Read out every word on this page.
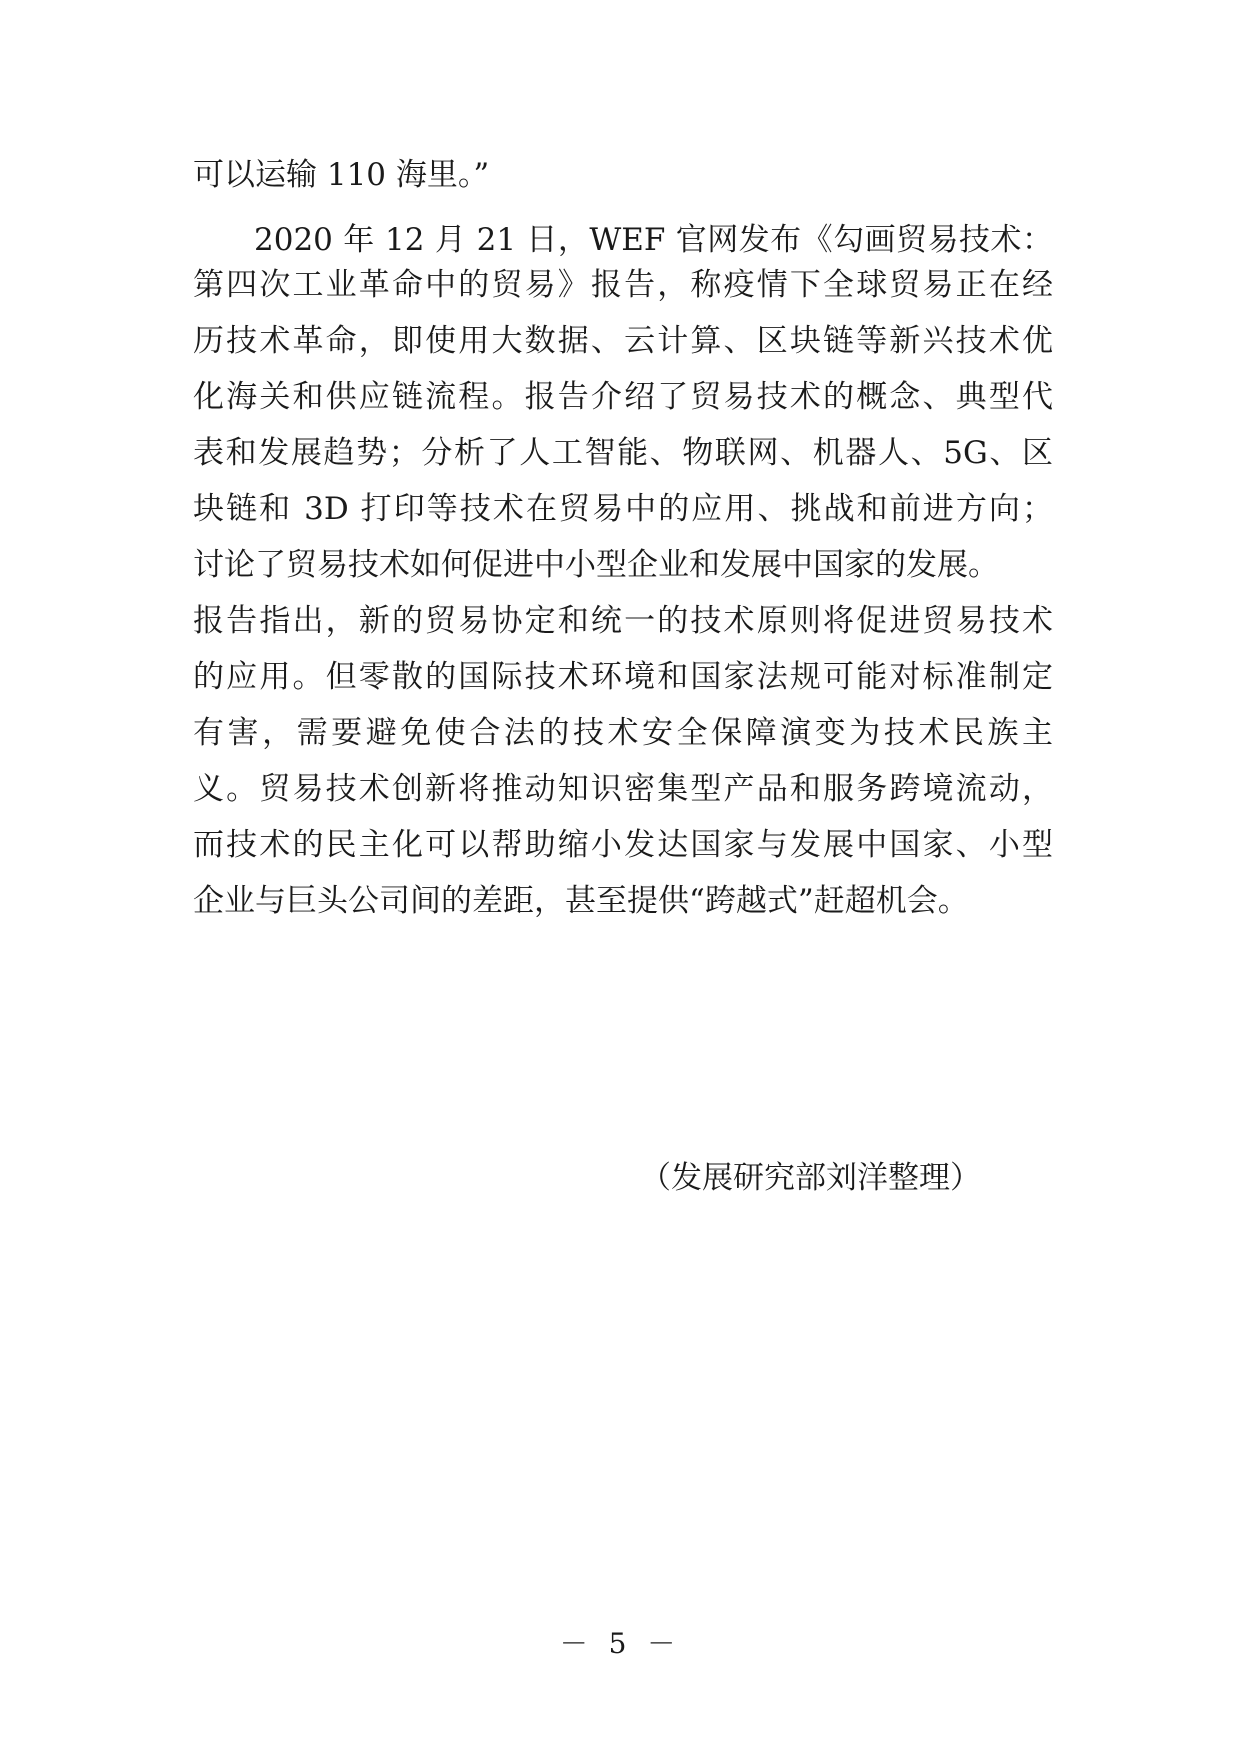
可以运输 110 海里。”
2020 年 12 月 21 日，WEF 官网发布《勾画贸易技术：
第四次工业革命中的贸易》报告，称疫情下全球贸易正在经
历技术革命，即使用大数据、云计算、区块链等新兴技术优
化海关和供应链流程。报告介绍了贸易技术的概念、典型代
表和发展趋势；分析了人工智能、物联网、机器人、5G、区
块链和 3D 打印等技术在贸易中的应用、挑战和前进方向；
讨论了贸易技术如何促进中小型企业和发展中国家的发展。
报告指出，新的贸易协定和统一的技术原则将促进贸易技术
的应用。但零散的国际技术环境和国家法规可能对标准制定
有害，需要避免使合法的技术安全保障演变为技术民族主
义。贸易技术创新将推动知识密集型产品和服务跨境流动，
而技术的民主化可以帮助缩小发达国家与发展中国家、小型
企业与巨头公司间的差距，甚至提供“跨越式”赶超机会。
（发展研究部刘洋整理）
－ 5 －
